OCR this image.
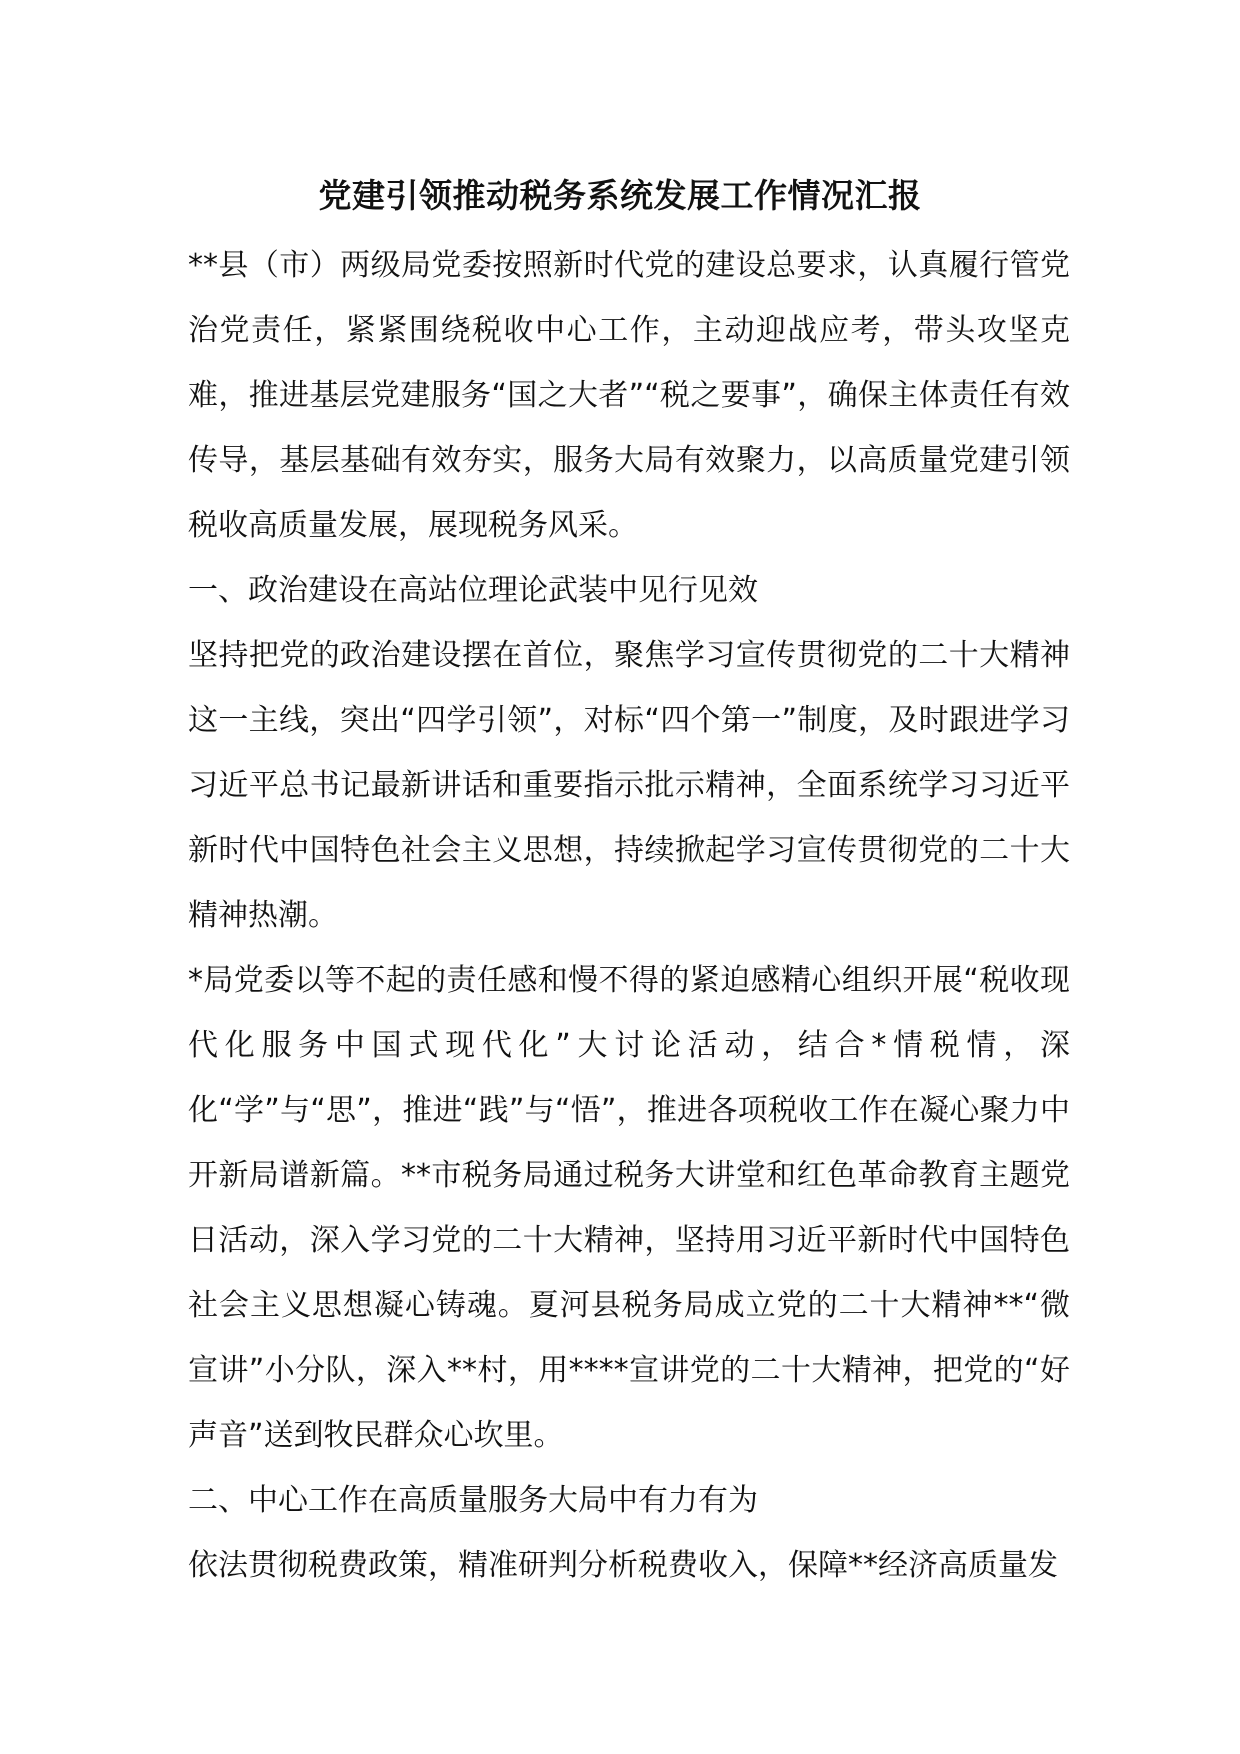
党建引领推动税务系统发展工作情况汇报

**县（市）两级局党委按照新时代党的建设总要求，认真履行管党治党责任，紧紧围绕税收中心工作，主动迎战应考，带头攻坚克难，推进基层党建服务“国之大者”“税之要事”，确保主体责任有效传导，基层基础有效夯实，服务大局有效聚力，以高质量党建引领税收高质量发展，展现税务风采。

一、政治建设在高站位理论武装中见行见效

坚持把党的政治建设摆在首位，聚焦学习宣传贯彻党的二十大精神这一主线，突出“四学引领”，对标“四个第一”制度，及时跟进学习习近平总书记最新讲话和重要指示批示精神，全面系统学习习近平新时代中国特色社会主义思想，持续掀起学习宣传贯彻党的二十大精神热潮。

*局党委以等不起的责任感和慢不得的紧迫感精心组织开展“税收现代化服务中国式现代化”大讨论活动，结合*情税情，深化“学”与“思”，推进“践”与“悟”，推进各项税收工作在凝心聚力中开新局谱新篇。**市税务局通过税务大讲堂和红色革命教育主题党日活动，深入学习党的二十大精神，坚持用习近平新时代中国特色社会主义思想凝心铸魂。夏河县税务局成立党的二十大精神**“微宣讲”小分队，深入**村，用****宣讲党的二十大精神，把党的“好声音”送到牧民群众心坎里。

二、中心工作在高质量服务大局中有力有为

依法贯彻税费政策，精准研判分析税费收入，保障**经济高质量发
